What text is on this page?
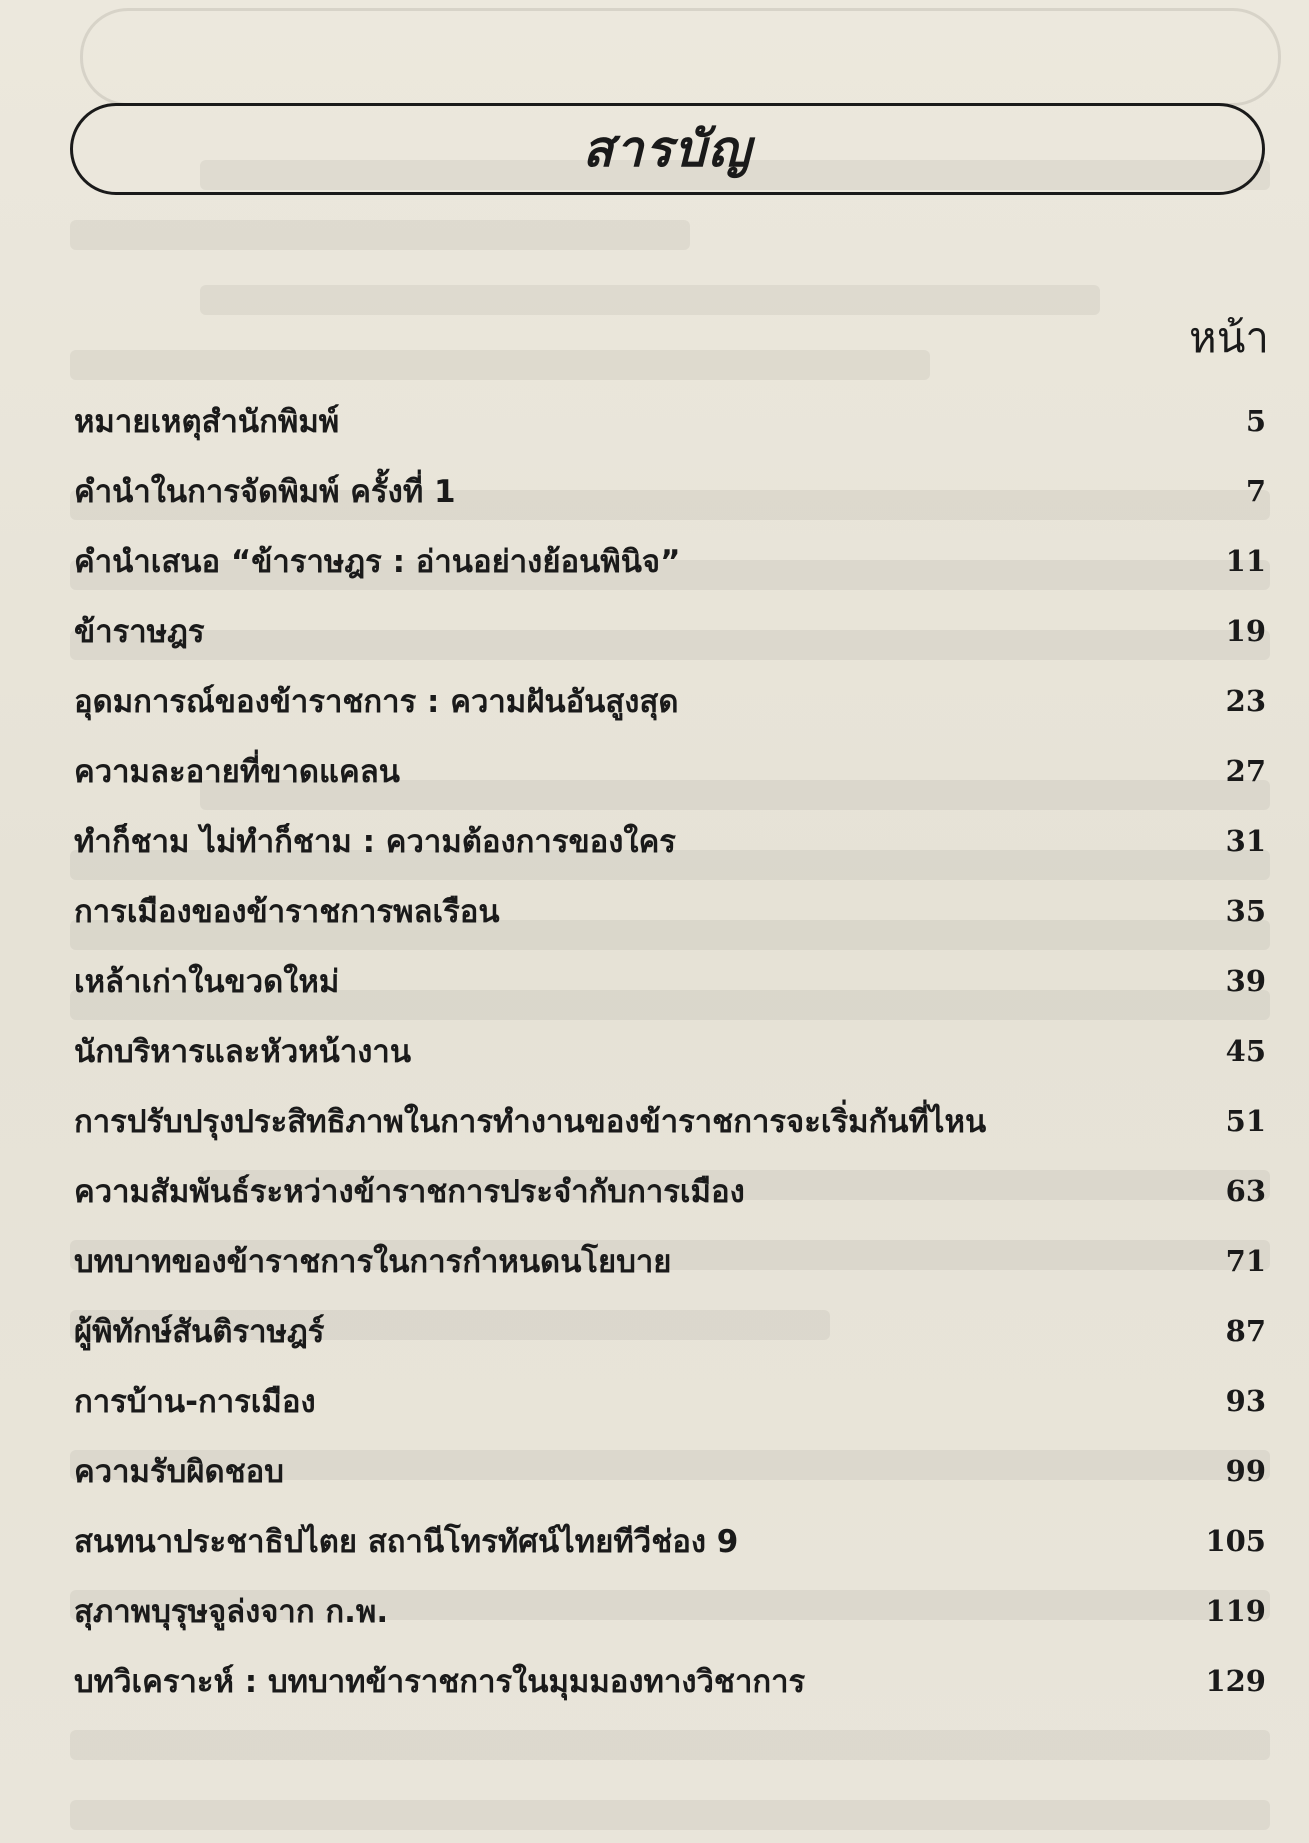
สารบัญ
หน้า
หมายเหตุสำนักพิมพ์	5
คำนำในการจัดพิมพ์ ครั้งที่ 1	7
คำนำเสนอ “ข้าราษฎร : อ่านอย่างย้อนพินิจ”	11
ข้าราษฎร	19
อุดมการณ์ของข้าราชการ : ความฝันอันสูงสุด	23
ความละอายที่ขาดแคลน	27
ทำก็ชาม ไม่ทำก็ชาม : ความต้องการของใคร	31
การเมืองของข้าราชการพลเรือน	35
เหล้าเก่าในขวดใหม่	39
นักบริหารและหัวหน้างาน	45
การปรับปรุงประสิทธิภาพในการทำงานของข้าราชการจะเริ่มกันที่ไหน	51
ความสัมพันธ์ระหว่างข้าราชการประจำกับการเมือง	63
บทบาทของข้าราชการในการกำหนดนโยบาย	71
ผู้พิทักษ์สันติราษฎร์	87
การบ้าน-การเมือง	93
ความรับผิดชอบ	99
สนทนาประชาธิปไตย สถานีโทรทัศน์ไทยทีวีช่อง 9	105
สุภาพบุรุษจูล่งจาก ก.พ.	119
บทวิเคราะห์ : บทบาทข้าราชการในมุมมองทางวิชาการ	129
